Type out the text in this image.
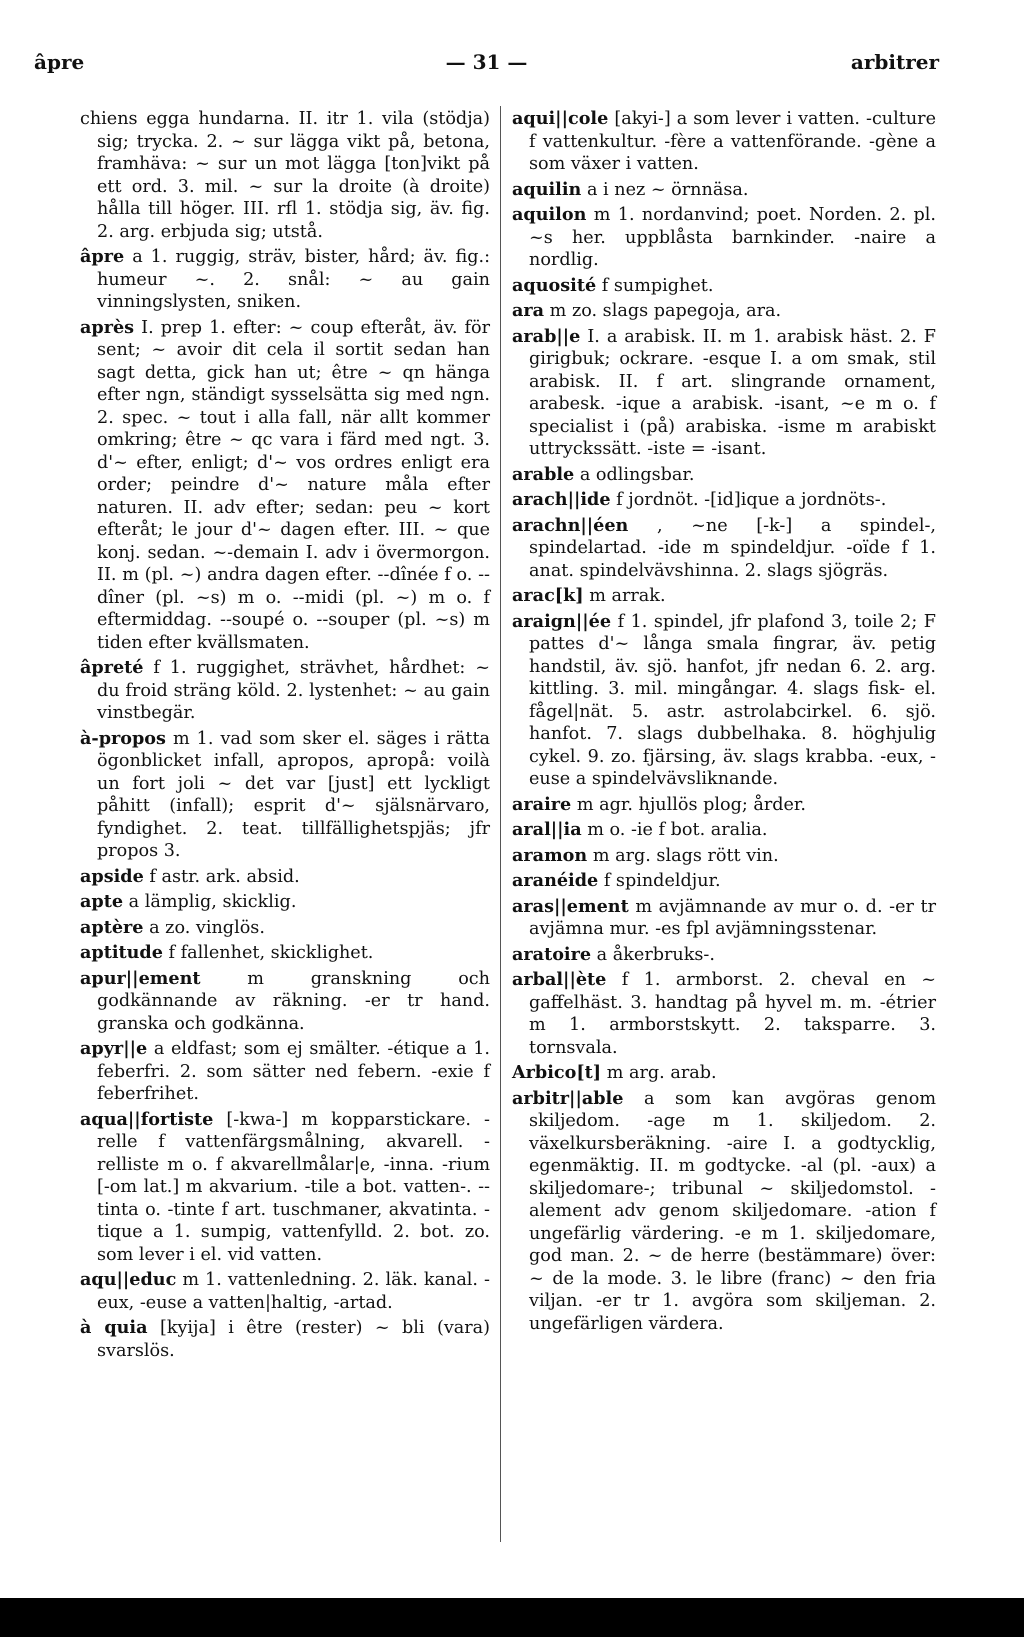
âpre	— 31 —	arbitrer

chiens egga hundarna. II. itr 1. vila (stödja) sig; trycka. 2. ~ sur lägga vikt på, betona, framhäva: ~ sur un mot lägga [ton]vikt på ett ord. 3. mil. ~ sur la droite (à droite) hålla till höger. III. rfl 1. stödja sig, äv. fig. 2. arg. erbjuda sig; utstå.

âpre a 1. ruggig, sträv, bister, hård; äv. fig.: humeur ~. 2. snål: ~ au gain vinningslysten, sniken.

après I. prep 1. efter: ~ coup efteråt, äv. för sent; ~ avoir dit cela il sortit sedan han sagt detta, gick han ut; être ~ qn hänga efter ngn, ständigt sysselsätta sig med ngn. 2. spec. ~ tout i alla fall, när allt kommer omkring; être ~ qc vara i färd med ngt. 3. d'~ efter, enligt; d'~ vos ordres enligt era order; peindre d'~ nature måla efter naturen. II. adv efter; sedan: peu ~ kort efteråt; le jour d'~ dagen efter. III. ~ que konj. sedan. ~-demain I. adv i övermorgon. II. m (pl. ~) andra dagen efter. --dînée f o. --dîner (pl. ~s) m o. --midi (pl. ~) m o. f eftermiddag. --soupé o. --souper (pl. ~s) m tiden efter kvällsmaten.

âpreté f 1. ruggighet, strävhet, hårdhet: ~ du froid sträng köld. 2. lystenhet: ~ au gain vinstbegär.

à-propos m 1. vad som sker el. säges i rätta ögonblicket infall, apropos, apropå: voilà un fort joli ~ det var [just] ett lyckligt påhitt (infall); esprit d'~ själsnärvaro, fyndighet. 2. teat. tillfällighetspjäs; jfr propos 3.

apside f astr. ark. absid.

apte a lämplig, skicklig.

aptère a zo. vinglös.

aptitude f fallenhet, skicklighet.

apur||ement	m granskning och godkännande av räkning. -er tr hand. granska och godkänna.

apyr||e a eldfast; som ej smälter. -étique a 1. feberfri. 2. som sätter ned febern. -exie f feberfrihet.

aqua||fortiste [-kwa-] m kopparstickare. -relle f vattenfärgsmålning, akvarell. -relliste m o. f akvarellmålar|e, -inna. -rium [-om lat.] m akvarium. -tile a bot. vatten-. --tinta o. -tinte f art. tuschmaner, akvatinta. -tique a 1. sumpig, vattenfylld. 2. bot. zo. som lever i el. vid vatten.

aqu||educ m 1. vattenledning. 2. läk. kanal. -eux, -euse a vatten|haltig, -artad.

à quia [kyija] i être (rester) ~ bli (vara) svarslös.

aqui||cole [akyi-] a som lever i vatten. -culture f vattenkultur. -fère a vattenförande. -gène a som växer i vatten.

aquilin a i nez ~ örnnäsa.

aquilon m 1. nordanvind; poet. Norden. 2. pl. ~s her. uppblåsta barnkinder. -naire a nordlig.

aquosité f sumpighet.

ara m zo. slags papegoja, ara.

arab||e I. a arabisk. II. m 1. arabisk häst. 2. F girigbuk; ockrare. -esque I. a om smak, stil arabisk. II. f art. slingrande ornament, arabesk. -ique a arabisk. -isant, ~e m o. f specialist i (på) arabiska. -isme m arabiskt uttryckssätt. -iste = -isant.

arable a odlingsbar.

arach||ide f jordnöt. -[id]ique a jordnöts-.

arachn||éen , ~ne [-k-] a spindel-, spindelartad. -ide m spindeldjur. -oïde f 1. anat. spindelvävshinna. 2. slags sjögräs.

arac[k] m arrak.

araign||ée f 1. spindel, jfr plafond 3, toile 2; F pattes d'~ långa smala fingrar, äv. petig handstil, äv. sjö. hanfot, jfr nedan 6. 2. arg. kittling. 3. mil. mingångar. 4. slags fisk- el. fågel|nät. 5. astr. astrolabcirkel. 6. sjö. hanfot. 7. slags dubbelhaka. 8. höghjulig cykel. 9. zo. fjärsing, äv. slags krabba. -eux, -euse a spindelvävsliknande.

araire m agr. hjullös plog; årder.

aral||ia m o. -ie f bot. aralia.

aramon m arg. slags rött vin.

aranéide f spindeldjur.

aras||ement m avjämnande av mur o. d. -er tr avjämna mur. -es fpl avjämningsstenar.

aratoire a åkerbruks-.

arbal||ète f 1. armborst. 2. cheval en ~ gaffelhäst. 3. handtag på hyvel m. m. -étrier m 1. armborstskytt. 2. taksparre. 3. tornsvala.

Arbico[t] m arg. arab.

arbitr||able a som kan avgöras genom skiljedom. -age m 1. skiljedom. 2. växelkursberäkning. -aire I. a godtycklig, egenmäktig. II. m godtycke. -al (pl. -aux) a skiljedomare-; tribunal ~ skiljedomstol. -alement adv genom skiljedomare. -ation f ungefärlig värdering. -e m 1. skiljedomare, god man. 2. ~ de herre (bestämmare) över: ~ de la mode. 3. le libre (franc) ~ den fria viljan. -er tr 1. avgöra som skiljeman. 2. ungefärligen värdera.
